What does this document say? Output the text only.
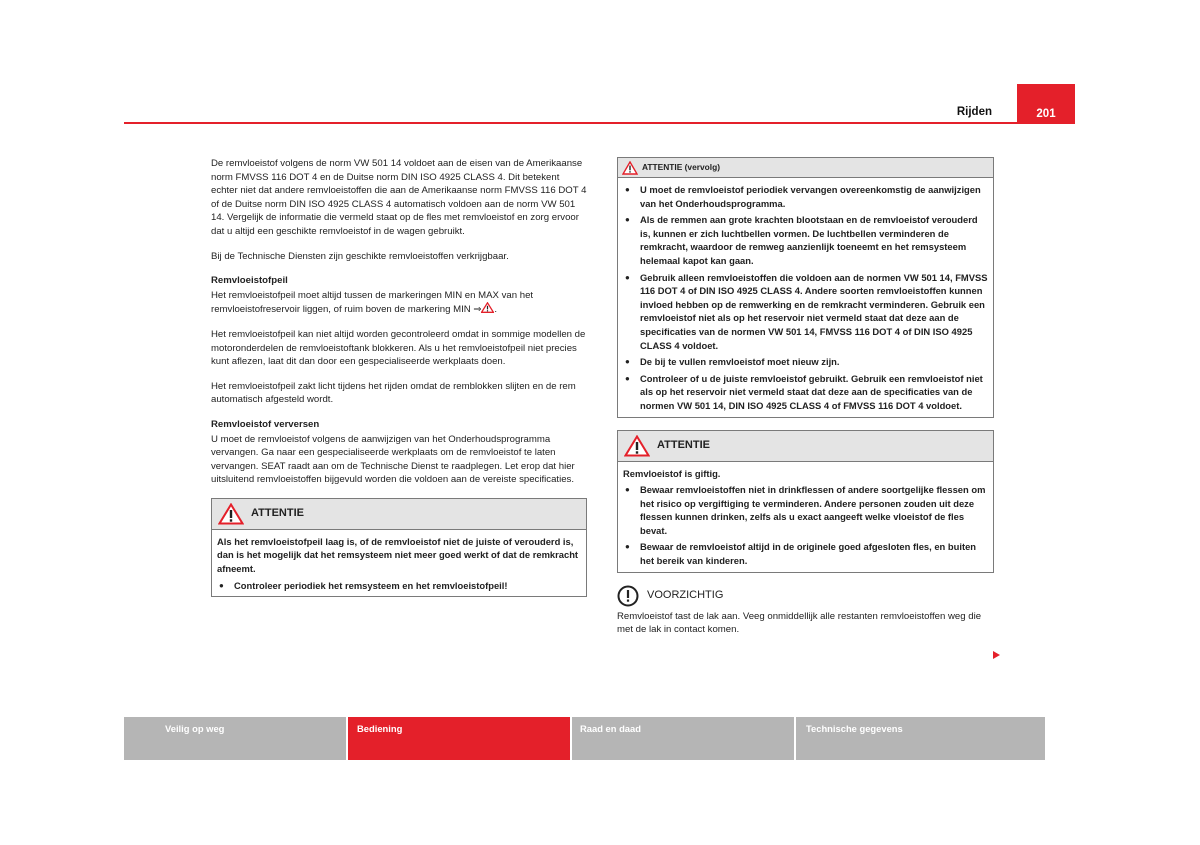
Rijden	201

De remvloeistof volgens de norm VW 501 14 voldoet aan de eisen van de Amerikaanse norm FMVSS 116 DOT 4 en de Duitse norm DIN ISO 4925 CLASS 4. Dit betekent echter niet dat andere remvloeistoffen die aan de Amerikaanse norm FMVSS 116 DOT 4 of de Duitse norm DIN ISO 4925 CLASS 4 automatisch voldoen aan de norm VW 501 14. Vergelijk de informatie die vermeld staat op de fles met remvloeistof en zorg ervoor dat u altijd een geschikte remvloeistof in de wagen gebruikt.

Bij de Technische Diensten zijn geschikte remvloeistoffen verkrijgbaar.

Remvloeistofpeil

Het remvloeistofpeil moet altijd tussen de markeringen MIN en MAX van het remvloeistofreservoir liggen, of ruim boven de markering MIN ⇒ .

Het remvloeistofpeil kan niet altijd worden gecontroleerd omdat in sommige modellen de motoronderdelen de remvloeistoftank blokkeren. Als u het remvloeistofpeil niet precies kunt aflezen, laat dit dan door een gespecialiseerde werkplaats doen.

Het remvloeistofpeil zakt licht tijdens het rijden omdat de remblokken slijten en de rem automatisch afgesteld wordt.

Remvloeistof verversen

U moet de remvloeistof volgens de aanwijzigen van het Onderhoudsprogramma vervangen. Ga naar een gespecialiseerde werkplaats om de remvloeistof te laten vervangen. SEAT raadt aan om de Technische Dienst te raadplegen. Let erop dat hier uitsluitend remvloeistoffen bijgevuld worden die voldoen aan de vereiste specificaties.

ATTENTIE

Als het remvloeistofpeil laag is, of de remvloeistof niet de juiste of verouderd is, dan is het mogelijk dat het remsysteem niet meer goed werkt of dat de remkracht afneemt.

●	Controleer periodiek het remsysteem en het remvloeistofpeil!
ATTENTIE (vervolg)
●	U moet de remvloeistof periodiek vervangen overeenkomstig de aanwijzigen van het Onderhoudsprogramma.
●	Als de remmen aan grote krachten blootstaan en de remvloeistof verouderd is, kunnen er zich luchtbellen vormen. De luchtbellen verminderen de remkracht, waardoor de remweg aanzienlijk toeneemt en het remsysteem helemaal kapot kan gaan.
●	Gebruik alleen remvloeistoffen die voldoen aan de normen VW 501 14, FMVSS 116 DOT 4 of DIN ISO 4925 CLASS 4. Andere soorten remvloeistoffen kunnen invloed hebben op de remwerking en de remkracht verminderen. Gebruik een remvloeistof niet als op het reservoir niet vermeld staat dat deze aan de specificaties van de normen VW 501 14, FMVSS 116 DOT 4 of DIN ISO 4925 CLASS 4 voldoet.
●	De bij te vullen remvloeistof moet nieuw zijn.
●	Controleer of u de juiste remvloeistof gebruikt. Gebruik een remvloeistof niet als op het reservoir niet vermeld staat dat deze aan de specificaties van de normen VW 501 14, DIN ISO 4925 CLASS 4 of FMVSS 116 DOT 4 voldoet.
ATTENTIE

Remvloeistof is giftig.

●	Bewaar remvloeistoffen niet in drinkflessen of andere soortgelijke flessen om het risico op vergiftiging te verminderen. Andere personen zouden uit deze flessen kunnen drinken, zelfs als u exact aangeeft welke vloeistof de fles bevat.
●	Bewaar de remvloeistof altijd in de originele goed afgesloten fles, en buiten het bereik van kinderen.
VOORZICHTIG

Remvloeistof tast de lak aan. Veeg onmiddellijk alle restanten remvloeistoffen weg die met de lak in contact komen.

Veilig op weg	Bediening	Raad en daad	Technische gegevens
